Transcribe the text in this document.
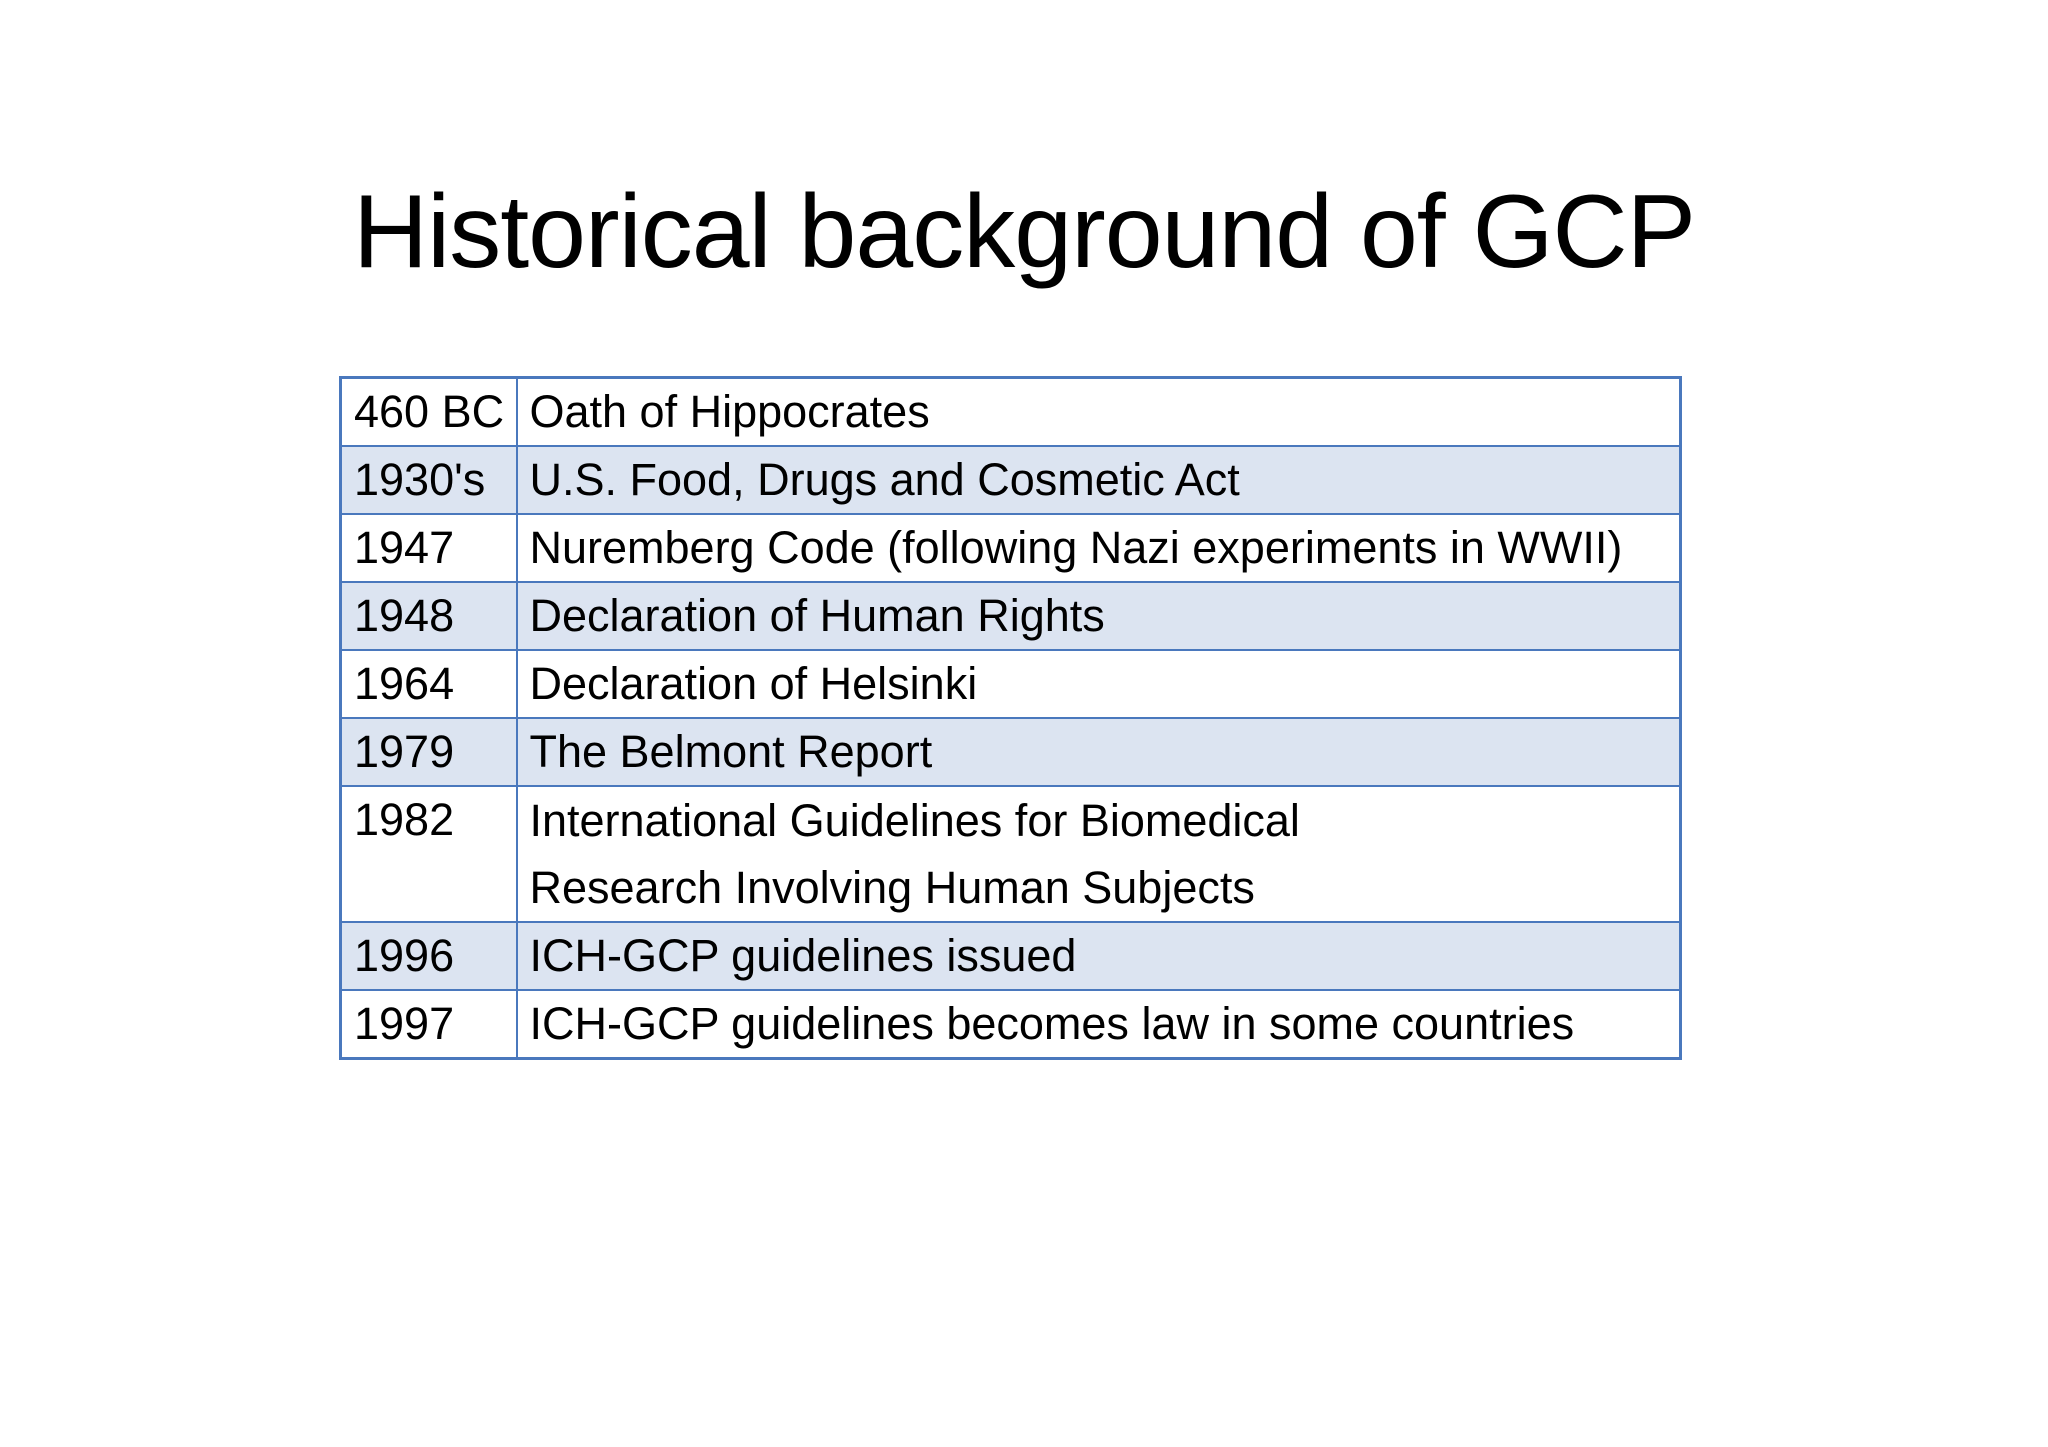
Historical background of GCP
460 BC	Oath of Hippocrates
1930's	U.S. Food, Drugs and Cosmetic Act
1947	Nuremberg Code (following Nazi experiments in WWII)
1948	Declaration of Human Rights
1964	Declaration of Helsinki
1979	The Belmont Report
1982	International Guidelines for Biomedical
Research Involving Human Subjects

1996	ICH-GCP guidelines issued
1997	ICH-GCP guidelines becomes law in some countries
